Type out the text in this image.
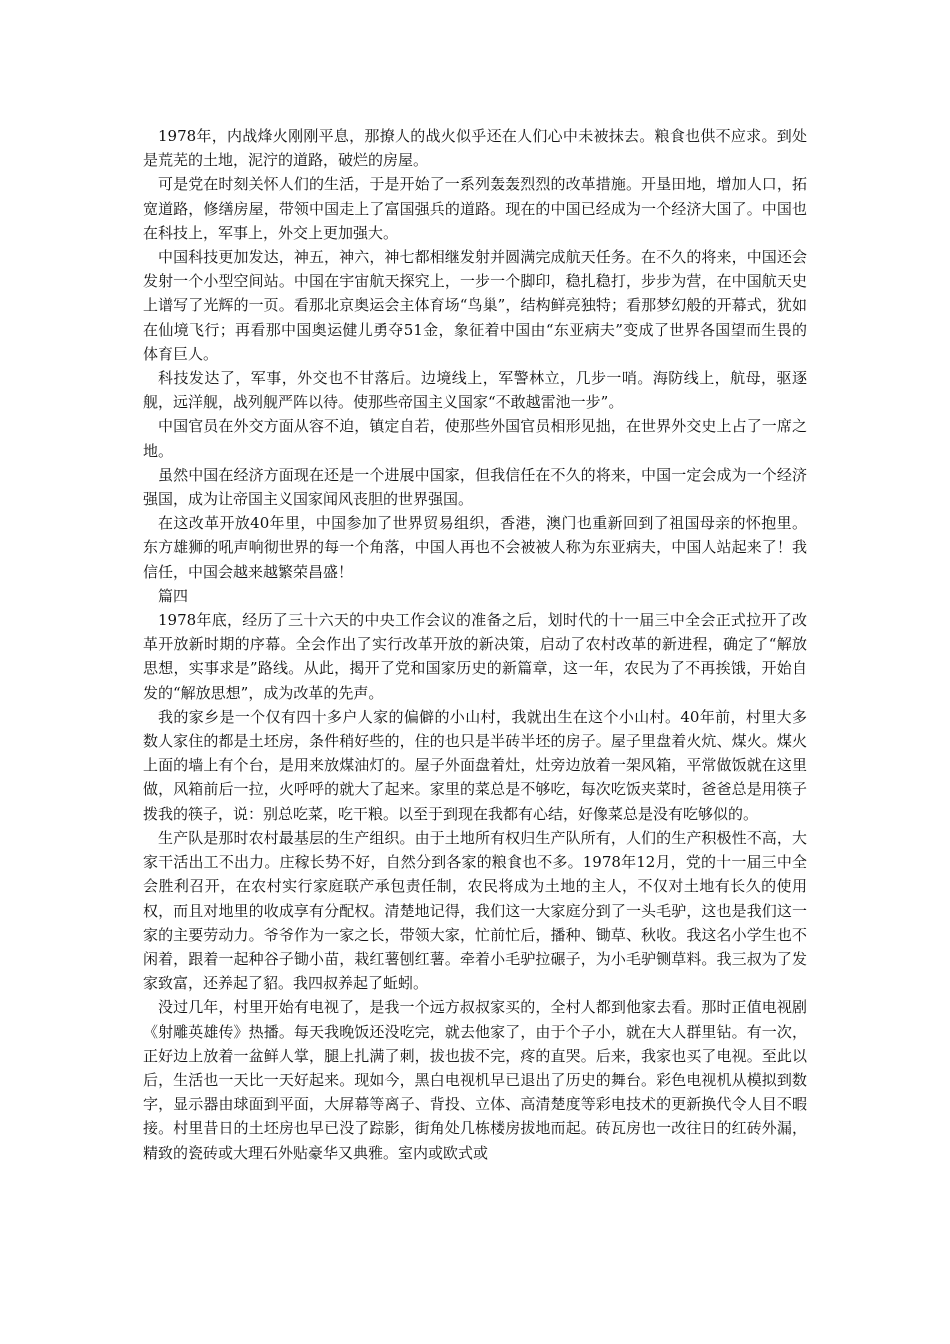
1978年，内战烽火刚刚平息，那撩人的战火似乎还在人们心中未被抹去。粮食也供不应求。到处是荒芜的土地，泥泞的道路，破烂的房屋。

可是党在时刻关怀人们的生活，于是开始了一系列轰轰烈烈的改革措施。开垦田地，增加人口，拓宽道路，修缮房屋，带领中国走上了富国强兵的道路。现在的中国已经成为一个经济大国了。中国也在科技上，军事上，外交上更加强大。

中国科技更加发达，神五，神六，神七都相继发射并圆满完成航天任务。在不久的将来，中国还会发射一个小型空间站。中国在宇宙航天探究上，一步一个脚印，稳扎稳打，步步为营，在中国航天史上谱写了光辉的一页。看那北京奥运会主体育场“鸟巢”，结构鲜亮独特；看那梦幻般的开幕式，犹如在仙境飞行；再看那中国奥运健儿勇夺51金，象征着中国由“东亚病夫”变成了世界各国望而生畏的体育巨人。

科技发达了，军事，外交也不甘落后。边境线上，军警林立，几步一哨。海防线上，航母，驱逐舰，远洋舰，战列舰严阵以待。使那些帝国主义国家“不敢越雷池一步”。

中国官员在外交方面从容不迫，镇定自若，使那些外国官员相形见拙，在世界外交史上占了一席之地。

虽然中国在经济方面现在还是一个进展中国家，但我信任在不久的将来，中国一定会成为一个经济强国，成为让帝国主义国家闻风丧胆的世界强国。

在这改革开放40年里，中国参加了世界贸易组织，香港，澳门也重新回到了祖国母亲的怀抱里。东方雄狮的吼声响彻世界的每一个角落，中国人再也不会被被人称为东亚病夫，中国人站起来了！我信任，中国会越来越繁荣昌盛！

篇四

1978年底，经历了三十六天的中央工作会议的准备之后，划时代的十一届三中全会正式拉开了改革开放新时期的序幕。全会作出了实行改革开放的新决策，启动了农村改革的新进程，确定了“解放思想，实事求是”路线。从此，揭开了党和国家历史的新篇章，这一年，农民为了不再挨饿，开始自发的“解放思想”，成为改革的先声。

我的家乡是一个仅有四十多户人家的偏僻的小山村，我就出生在这个小山村。40年前，村里大多数人家住的都是土坯房，条件稍好些的，住的也只是半砖半坯的房子。屋子里盘着火炕、煤火。煤火上面的墙上有个台，是用来放煤油灯的。屋子外面盘着灶，灶旁边放着一架风箱，平常做饭就在这里做，风箱前后一拉，火呼呼的就大了起来。家里的菜总是不够吃，每次吃饭夹菜时，爸爸总是用筷子拨我的筷子，说：别总吃菜，吃干粮。以至于到现在我都有心结，好像菜总是没有吃够似的。

生产队是那时农村最基层的生产组织。由于土地所有权归生产队所有，人们的生产积极性不高，大家干活出工不出力。庄稼长势不好，自然分到各家的粮食也不多。1978年12月，党的十一届三中全会胜利召开，在农村实行家庭联产承包责任制，农民将成为土地的主人，不仅对土地有长久的使用权，而且对地里的收成享有分配权。清楚地记得，我们这一大家庭分到了一头毛驴，这也是我们这一家的主要劳动力。爷爷作为一家之长，带领大家，忙前忙后，播种、锄草、秋收。我这名小学生也不闲着，跟着一起种谷子锄小苗，栽红薯刨红薯。牵着小毛驴拉碾子，为小毛驴铡草料。我三叔为了发家致富，还养起了貂。我四叔养起了蚯蚓。

没过几年，村里开始有电视了，是我一个远方叔叔家买的，全村人都到他家去看。那时正值电视剧《射雕英雄传》热播。每天我晚饭还没吃完，就去他家了，由于个子小，就在大人群里钻。有一次，正好边上放着一盆鲜人掌，腿上扎满了刺，拔也拔不完，疼的直哭。后来，我家也买了电视。至此以后，生活也一天比一天好起来。现如今，黑白电视机早已退出了历史的舞台。彩色电视机从模拟到数字，显示器由球面到平面，大屏幕等离子、背投、立体、高清楚度等彩电技术的更新换代令人目不暇接。村里昔日的土坯房也早已没了踪影，街角处几栋楼房拔地而起。砖瓦房也一改往日的红砖外漏，精致的瓷砖或大理石外贴豪华又典雅。室内或欧式或
